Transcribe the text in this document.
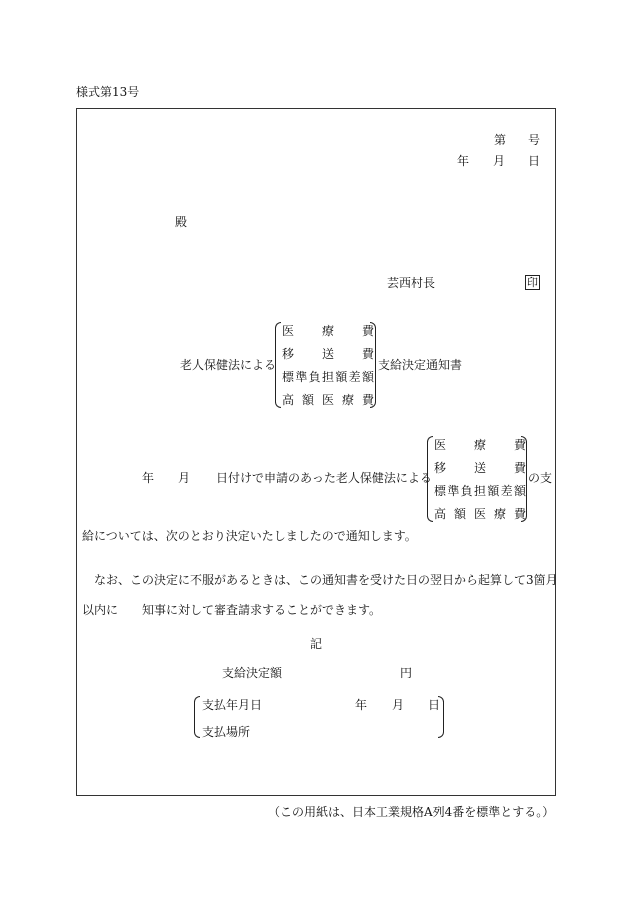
様式第13号
第 号
年 月 日
殿
芸西村長	印
老人保健法による
医療費
移送費
標準負担額差額
高額医療費
支給決定通知書
年 月 日付けで申請のあった老人保健法による
医療費
移送費
標準負担額差額
高額医療費
の支
給については、次のとおり決定いたしましたので通知します。
なお、この決定に不服があるときは、この通知書を受けた日の翌日から起算して3箇月
以内に 知事に対して審査請求することができます。
記
支給決定額	円
支払年月日	年 月 日
支払場所
（この用紙は、日本工業規格A列4番を標準とする。）
